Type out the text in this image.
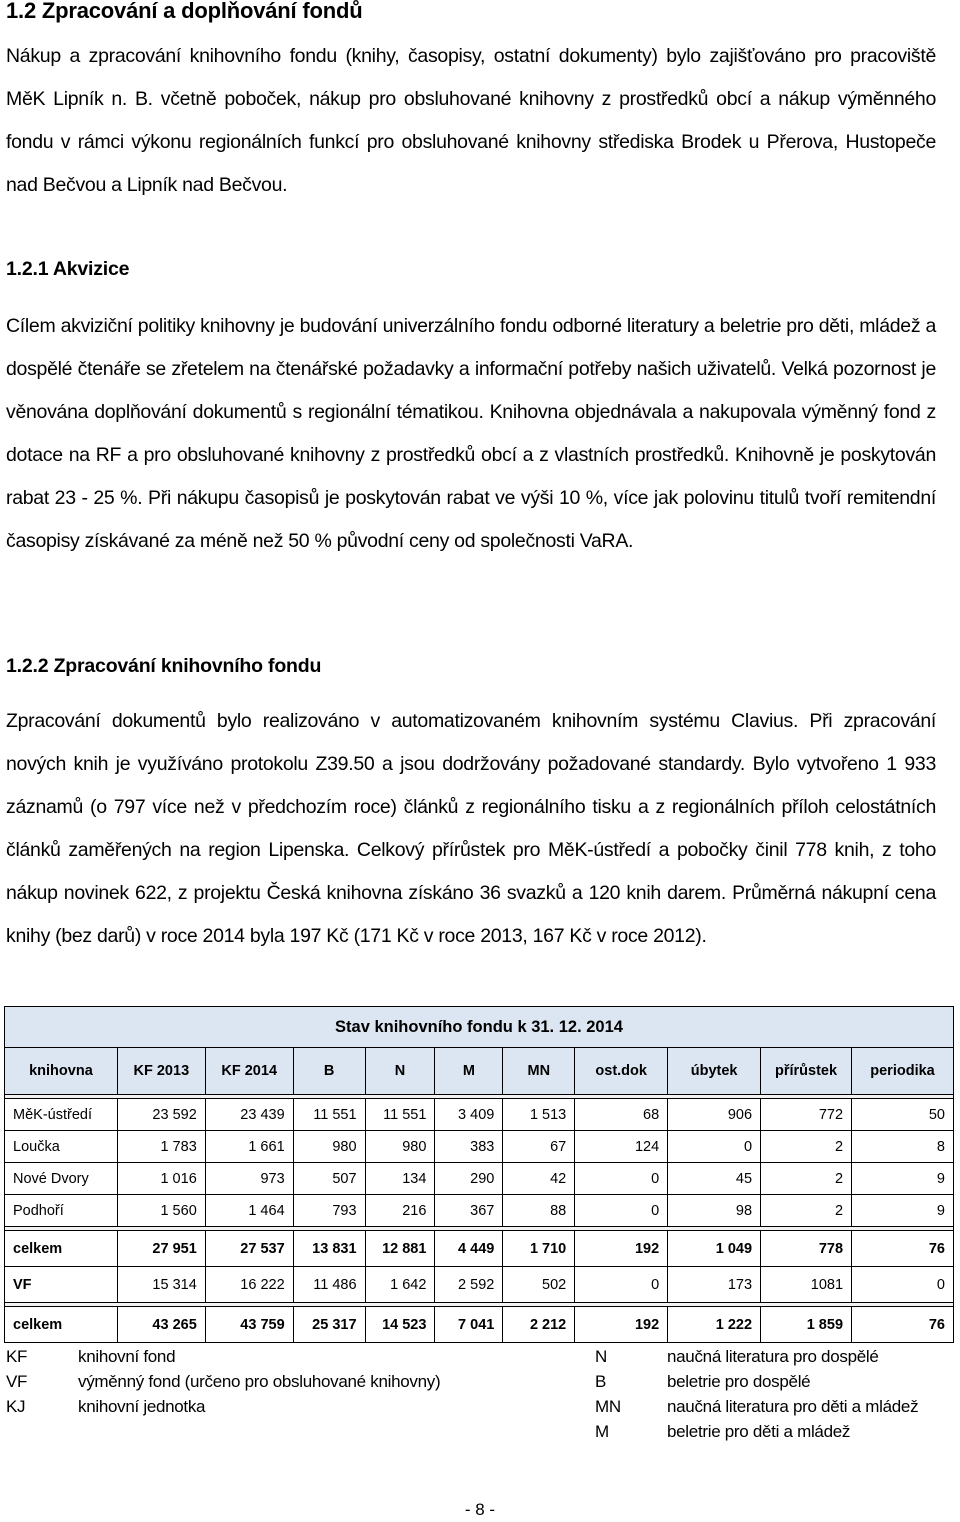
1.2 Zpracování a doplňování fondů
Nákup a zpracování knihovního fondu (knihy, časopisy, ostatní dokumenty) bylo zajišťováno pro pracoviště MěK Lipník n. B. včetně poboček, nákup pro obsluhované knihovny z prostředků obcí a nákup výměnného fondu v rámci výkonu regionálních funkcí pro obsluhované knihovny střediska Brodek u Přerova, Hustopeče nad Bečvou a Lipník nad Bečvou.
1.2.1 Akvizice
Cílem akviziční politiky knihovny je budování univerzálního fondu odborné literatury a beletrie pro děti, mládež a dospělé čtenáře se zřetelem na čtenářské požadavky a informační potřeby našich uživatelů. Velká pozornost je věnována doplňování dokumentů s regionální tématikou. Knihovna objednávala a nakupovala výměnný fond z dotace na RF a pro obsluhované knihovny z prostředků obcí a z vlastních prostředků. Knihovně je poskytován rabat 23 - 25 %. Při nákupu časopisů je poskytován rabat ve výši 10 %, více jak polovinu titulů tvoří remitendní časopisy získávané za méně než 50 % původní ceny od společnosti VaRA.
1.2.2 Zpracování knihovního fondu
Zpracování dokumentů bylo realizováno v automatizovaném knihovním systému Clavius. Při zpracování nových knih je využíváno protokolu Z39.50 a jsou dodržovány požadované standardy. Bylo vytvořeno 1 933 záznamů (o 797 více než v předchozím roce) článků z regionálního tisku a z regionálních příloh celostátních článků zaměřených na region Lipenska. Celkový přírůstek pro MěK-ústředí a pobočky činil 778 knih, z toho nákup novinek 622, z projektu Česká knihovna získáno 36 svazků a 120 knih darem. Průměrná nákupní cena knihy (bez darů) v roce 2014 byla 197 Kč (171 Kč v roce 2013, 167 Kč v roce 2012).
Stav knihovního fondu k 31. 12. 2014										
knihovna	KF 2013	KF 2014	B	N	M	MN	ost.dok	úbytek	přírůstek	periodika

MěK-ústředí	23 592	23 439	11 551	11 551	3 409	1 513	68	906	772	50
Loučka	1 783	1 661	980	980	383	67	124	0	2	8
Nové Dvory	1 016	973	507	134	290	42	0	45	2	9
Podhoří	1 560	1 464	793	216	367	88	0	98	2	9

celkem	27 951	27 537	13 831	12 881	4 449	1 710	192	1 049	778	76
VF	15 314	16 222	11 486	1 642	2 592	502	0	173	1081	0

celkem	43 265	43 759	25 317	14 523	7 041	2 212	192	1 222	1 859	76
KF	knihovní fond
VF	výměnný fond (určeno pro obsluhované knihovny)
KJ	knihovní jednotka
N	naučná literatura pro dospělé
B	beletrie pro dospělé
MN	naučná literatura pro děti a mládež
M	beletrie pro děti a mládež
- 8 -
